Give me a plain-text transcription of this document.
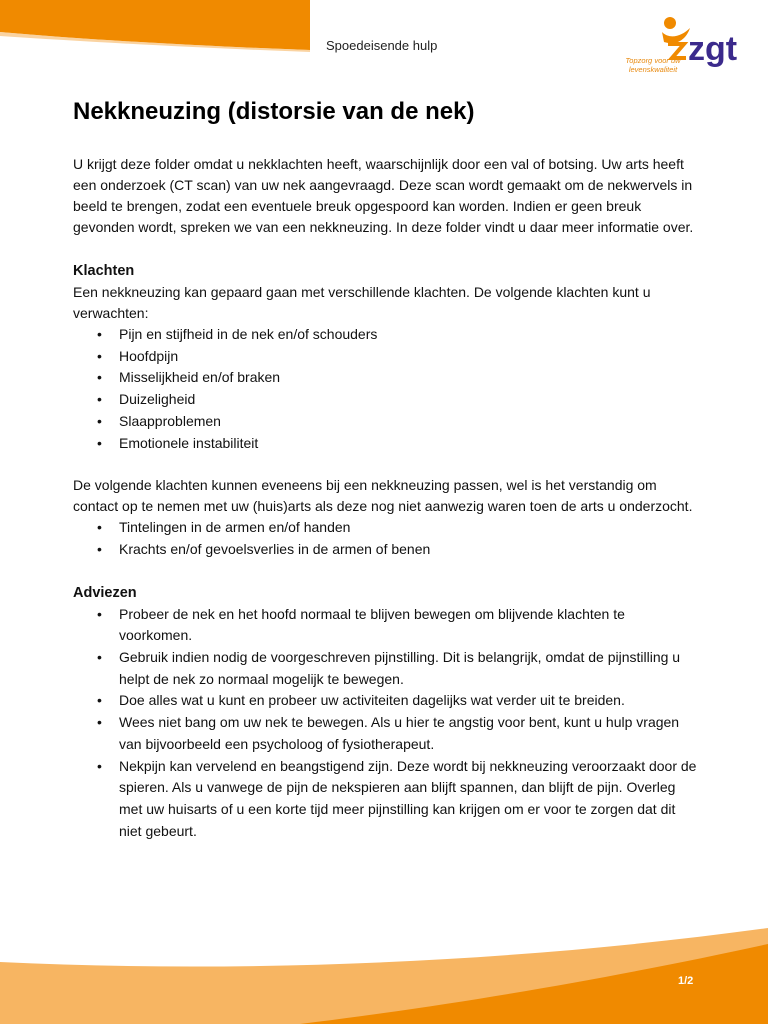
Spoedeisende hulp	zgt
Topzorg voor uw levenskwaliteit
Nekkneuzing (distorsie van de nek)

U krijgt deze folder omdat u nekklachten heeft, waarschijnlijk door een val of botsing. Uw arts heeft een onderzoek (CT scan) van uw nek aangevraagd. Deze scan wordt gemaakt om de nekwervels in beeld te brengen, zodat een eventuele breuk opgespoord kan worden. Indien er geen breuk gevonden wordt, spreken we van een nekkneuzing. In deze folder vindt u daar meer informatie over.

Klachten

Een nekkneuzing kan gepaard gaan met verschillende klachten. De volgende klachten kunt u verwachten:

• Pijn en stijfheid in de nek en/of schouders
• Hoofdpijn
• Misselijkheid en/of braken
• Duizeligheid
• Slaapproblemen
• Emotionele instabiliteit

De volgende klachten kunnen eveneens bij een nekkneuzing passen, wel is het verstandig om contact op te nemen met uw (huis)arts als deze nog niet aanwezig waren toen de arts u onderzocht.

• Tintelingen in de armen en/of handen
• Krachts en/of gevoelsverlies in de armen of benen
Adviezen
• Probeer de nek en het hoofd normaal te blijven bewegen om blijvende klachten te voorkomen.
• Gebruik indien nodig de voorgeschreven pijnstilling. Dit is belangrijk, omdat de pijnstilling u helpt de nek zo normaal mogelijk te bewegen.
• Doe alles wat u kunt en probeer uw activiteiten dagelijks wat verder uit te breiden.
• Wees niet bang om uw nek te bewegen. Als u hier te angstig voor bent, kunt u hulp vragen van bijvoorbeeld een psycholoog of fysiotherapeut.
• Nekpijn kan vervelend en beangstigend zijn. Deze wordt bij nekkneuzing veroorzaakt door de spieren. Als u vanwege de pijn de nekspieren aan blijft spannen, dan blijft de pijn. Overleg met uw huisarts of u een korte tijd meer pijnstilling kan krijgen om er voor te zorgen dat dit niet gebeurt.
1/2
